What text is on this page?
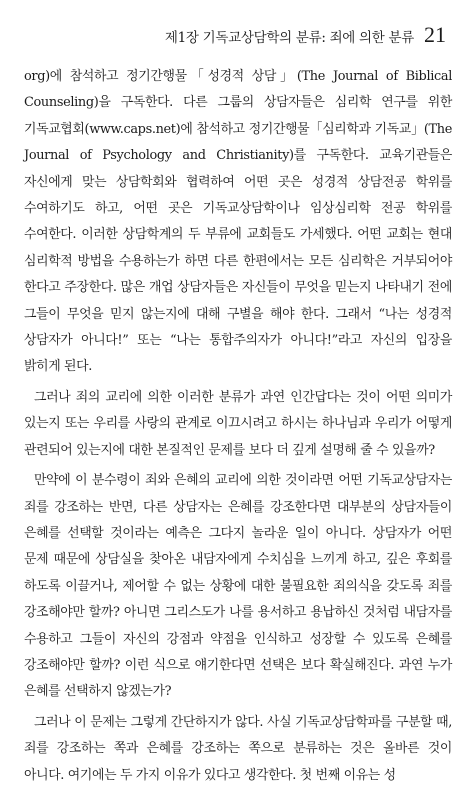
제1장 기독교상담학의 분류: 죄에 의한 분류 21

org)에 참석하고 정기간행물「성경적 상담」(The Journal of Biblical Counseling)을 구독한다. 다른 그룹의 상담자들은 심리학 연구를 위한 기독교협회(www.caps.net)에 참석하고 정기간행물「심리학과 기독교」(The Journal of Psychology and Christianity)를 구독한다. 교육기관들은 자신에게 맞는 상담학회와 협력하여 어떤 곳은 성경적 상담전공 학위를 수여하기도 하고, 어떤 곳은 기독교상담학이나 임상심리학 전공 학위를 수여한다. 이러한 상담학계의 두 부류에 교회들도 가세했다. 어떤 교회는 현대 심리학적 방법을 수용하는가 하면 다른 한편에서는 모든 심리학은 거부되어야 한다고 주장한다. 많은 개업 상담자들은 자신들이 무엇을 믿는지 나타내기 전에 그들이 무엇을 믿지 않는지에 대해 구별을 해야 한다. 그래서 “나는 성경적 상담자가 아니다!” 또는 “나는 통합주의자가 아니다!”라고 자신의 입장을 밝히게 된다.

그러나 죄의 교리에 의한 이러한 분류가 과연 인간답다는 것이 어떤 의미가 있는지 또는 우리를 사랑의 관계로 이끄시려고 하시는 하나님과 우리가 어떻게 관련되어 있는지에 대한 본질적인 문제를 보다 더 깊게 설명해 줄 수 있을까?

만약에 이 분수령이 죄와 은혜의 교리에 의한 것이라면 어떤 기독교상담자는 죄를 강조하는 반면, 다른 상담자는 은혜를 강조한다면 대부분의 상담자들이 은혜를 선택할 것이라는 예측은 그다지 놀라운 일이 아니다. 상담자가 어떤 문제 때문에 상담실을 찾아온 내담자에게 수치심을 느끼게 하고, 깊은 후회를 하도록 이끌거나, 제어할 수 없는 상황에 대한 불필요한 죄의식을 갖도록 죄를 강조해야만 할까? 아니면 그리스도가 나를 용서하고 용납하신 것처럼 내담자를 수용하고 그들이 자신의 강점과 약점을 인식하고 성장할 수 있도록 은혜를 강조해야만 할까? 이런 식으로 얘기한다면 선택은 보다 확실해진다. 과연 누가 은혜를 선택하지 않겠는가?

그러나 이 문제는 그렇게 간단하지가 않다. 사실 기독교상담학파를 구분할 때, 죄를 강조하는 쪽과 은혜를 강조하는 쪽으로 분류하는 것은 올바른 것이 아니다. 여기에는 두 가지 이유가 있다고 생각한다. 첫 번째 이유는 성
